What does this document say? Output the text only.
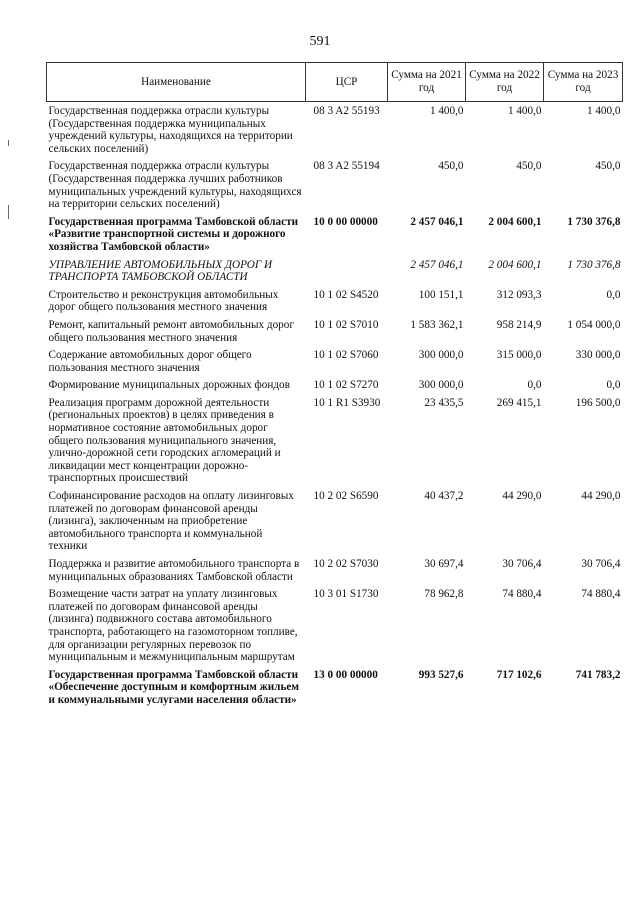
591
Наименование	ЦСР	Сумма на 2021 год	Сумма на 2022 год	Сумма на 2023 год
Государственная поддержка отрасли культуры (Государственная поддержка муниципальных учреждений культуры, находящихся на территории сельских поселений)	08 3 A2 55193	1 400,0	1 400,0	1 400,0
Государственная поддержка отрасли культуры (Государственная поддержка лучших работников муниципальных учреждений культуры, находящихся на территории сельских поселений)	08 3 A2 55194	450,0	450,0	450,0
Государственная программа Тамбовской области «Развитие транспортной системы и дорожного хозяйства Тамбовской области»	10 0 00 00000	2 457 046,1	2 004 600,1	1 730 376,8
УПРАВЛЕНИЕ АВТОМОБИЛЬНЫХ ДОРОГ И ТРАНСПОРТА ТАМБОВСКОЙ ОБЛАСТИ		2 457 046,1	2 004 600,1	1 730 376,8
Строительство и реконструкция автомобильных дорог общего пользования местного значения	10 1 02 S4520	100 151,1	312 093,3	0,0
Ремонт, капитальный ремонт автомобильных дорог общего пользования местного значения	10 1 02 S7010	1 583 362,1	958 214,9	1 054 000,0
Содержание автомобильных дорог общего пользования местного значения	10 1 02 S7060	300 000,0	315 000,0	330 000,0
Формирование муниципальных дорожных фондов	10 1 02 S7270	300 000,0	0,0	0,0
Реализация программ дорожной деятельности (региональных проектов) в целях приведения в нормативное состояние автомобильных дорог общего пользования муниципального значения, улично-дорожной сети городских агломераций и ликвидации мест концентрации дорожно-транспортных происшествий	10 1 R1 S3930	23 435,5	269 415,1	196 500,0
Софинансирование расходов на оплату лизинговых платежей по договорам финансовой аренды (лизинга), заключенным на приобретение автомобильного транспорта и коммунальной техники	10 2 02 S6590	40 437,2	44 290,0	44 290,0
Поддержка и развитие автомобильного транспорта в муниципальных образованиях Тамбовской области	10 2 02 S7030	30 697,4	30 706,4	30 706,4
Возмещение части затрат на уплату лизинговых платежей по договорам финансовой аренды (лизинга) подвижного состава автомобильного транспорта, работающего на газомоторном топливе, для организации регулярных перевозок по муниципальным и межмуниципальным маршрутам	10 3 01 S1730	78 962,8	74 880,4	74 880,4
Государственная программа Тамбовской области «Обеспечение доступным и комфортным жильем и коммунальными услугами населения области»	13 0 00 00000	993 527,6	717 102,6	741 783,2
